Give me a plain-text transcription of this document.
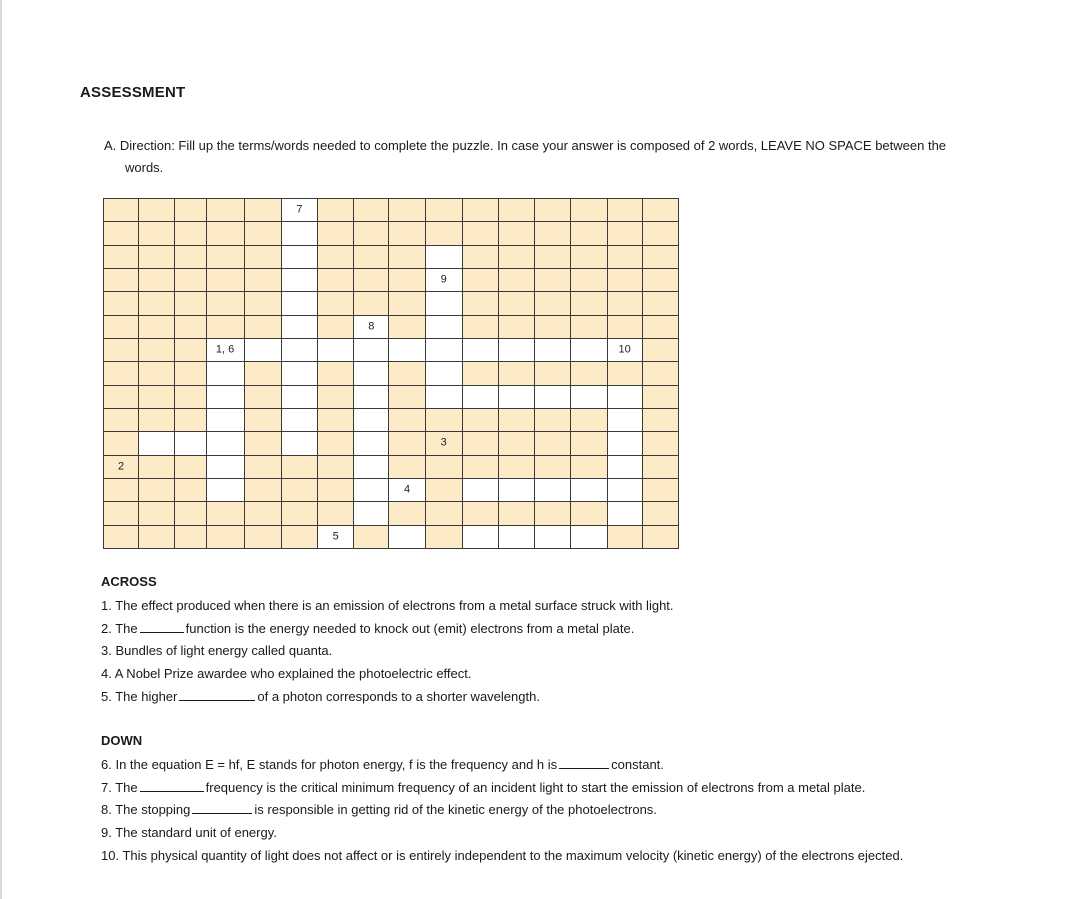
ASSESSMENT
A. Direction: Fill up the terms/words needed to complete the puzzle. In case your answer is composed of 2 words, LEAVE NO SPACE between the
words.

					7										

									9						

							8								

			1, 6											10	

									3						

2															

								4							

						5									

ACROSS
1. The effect produced when there is an emission of electrons from a metal surface struck with light.
2. The	function is the energy needed to knock out (emit) electrons from a metal plate.
3. Bundles of light energy called quanta.
4. A Nobel Prize awardee who explained the photoelectric effect.
5. The higher	of a photon corresponds to a shorter wavelength.
DOWN
6. In the equation E = hf, E stands for photon energy, f is the frequency and h is	constant.
7. The	frequency is the critical minimum frequency of an incident light to start the emission of electrons from a metal plate.
8. The stopping	is responsible in getting rid of the kinetic energy of the photoelectrons.
9. The standard unit of energy.
10. This physical quantity of light does not affect or is entirely independent to the maximum velocity (kinetic energy) of the electrons ejected.
